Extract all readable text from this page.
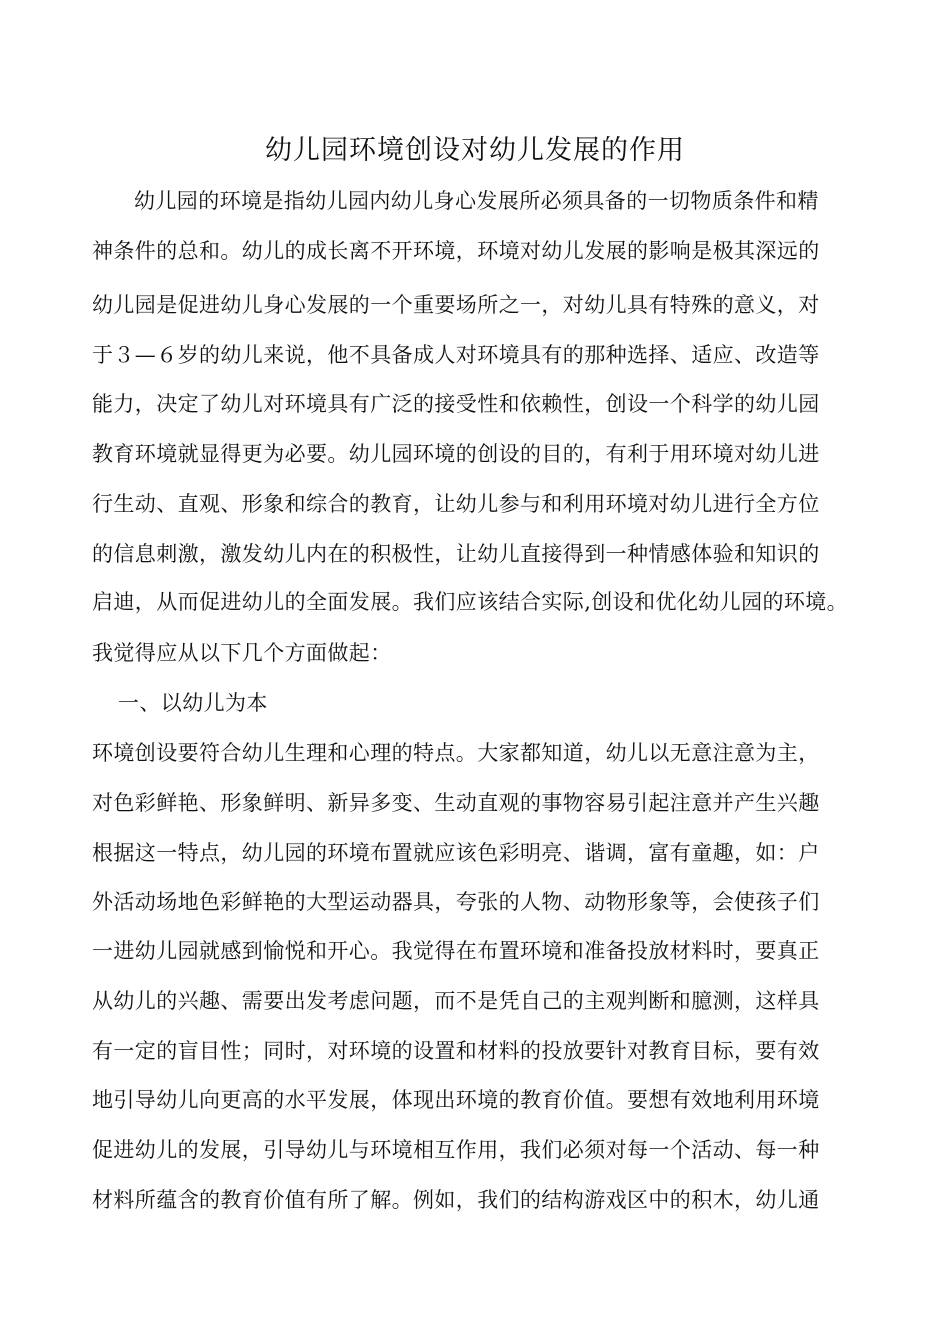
幼儿园环境创设对幼儿发展的作用
幼儿园的环境是指幼儿园内幼儿身心发展所必须具备的一切物质条件和精
神条件的总和。幼儿的成长离不开环境，环境对幼儿发展的影响是极其深远的
幼儿园是促进幼儿身心发展的一个重要场所之一，对幼儿具有特殊的意义，对
于３—６岁的幼儿来说，他不具备成人对环境具有的那种选择、适应、改造等
能力，决定了幼儿对环境具有广泛的接受性和依赖性，创设一个科学的幼儿园
教育环境就显得更为必要。幼儿园环境的创设的目的，有利于用环境对幼儿进
行生动、直观、形象和综合的教育，让幼儿参与和利用环境对幼儿进行全方位
的信息刺激，激发幼儿内在的积极性，让幼儿直接得到一种情感体验和知识的
启迪，从而促进幼儿的全面发展。我们应该结合实际,创设和优化幼儿园的环境。
我觉得应从以下几个方面做起：
一、以幼儿为本
环境创设要符合幼儿生理和心理的特点。大家都知道，幼儿以无意注意为主，
对色彩鲜艳、形象鲜明、新异多变、生动直观的事物容易引起注意并产生兴趣
根据这一特点，幼儿园的环境布置就应该色彩明亮、谐调，富有童趣，如：户
外活动场地色彩鲜艳的大型运动器具，夸张的人物、动物形象等，会使孩子们
一进幼儿园就感到愉悦和开心。我觉得在布置环境和准备投放材料时，要真正
从幼儿的兴趣、需要出发考虑问题，而不是凭自己的主观判断和臆测，这样具
有一定的盲目性；同时，对环境的设置和材料的投放要针对教育目标，要有效
地引导幼儿向更高的水平发展，体现出环境的教育价值。要想有效地利用环境
促进幼儿的发展，引导幼儿与环境相互作用，我们必须对每一个活动、每一种
材料所蕴含的教育价值有所了解。例如，我们的结构游戏区中的积木，幼儿通
